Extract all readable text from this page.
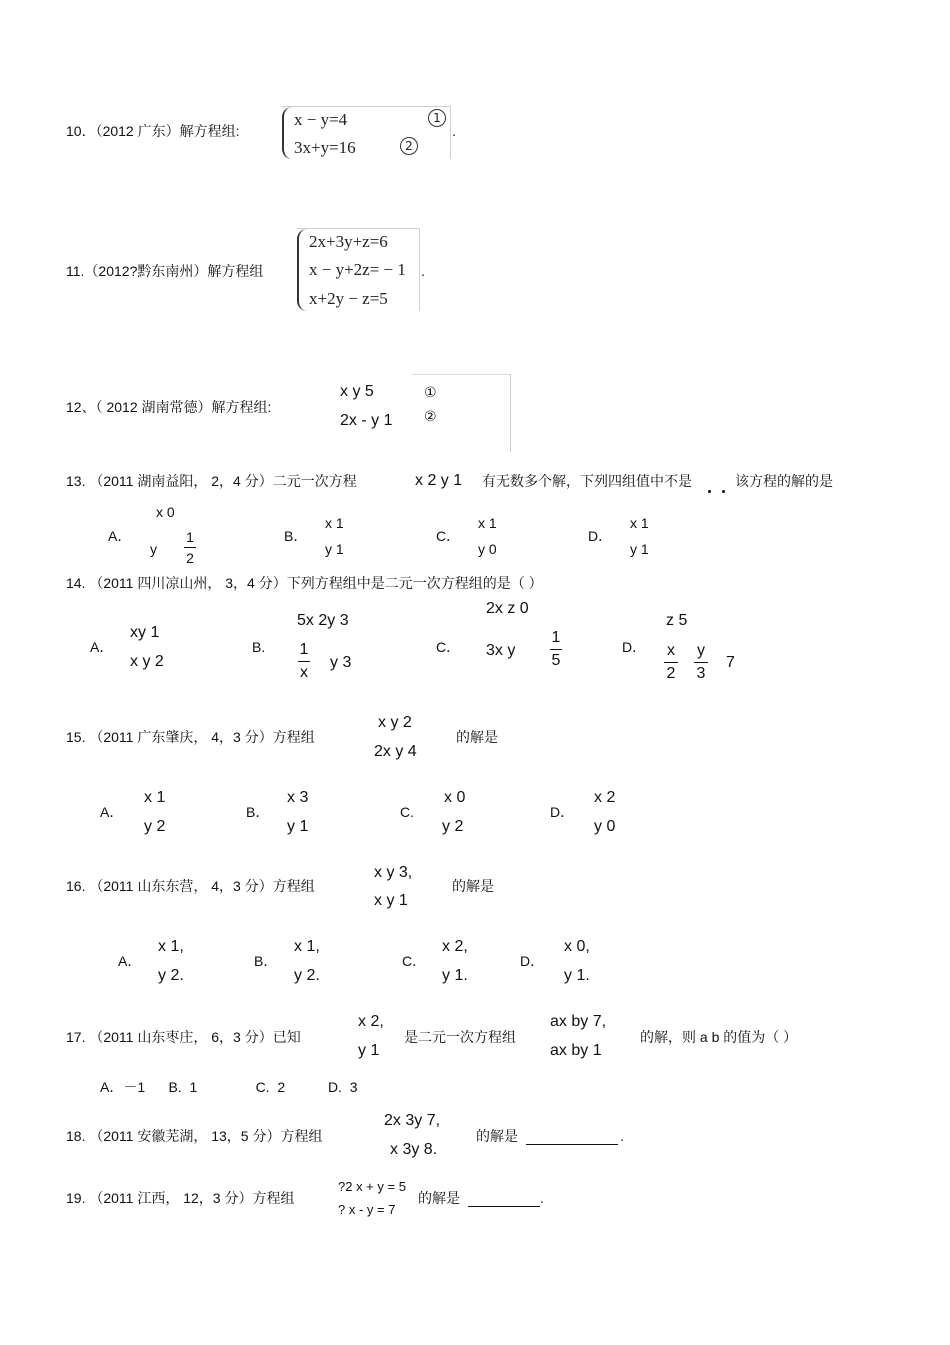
10．（2012 广东）解方程组:
x − y=4
3x+y=16
1
2
.
11.（2012?黔东南州）解方程组
2x+3y+z=6
x − y+2z= − 1
x+2y − z=5
.
12、（ 2012 湖南常德）解方程组:
x y 5
2x - y 1
①
②
13. （2011 湖南益阳， 2，4 分）二元一次方程	x 2 y 1 有无数多个解，下列四组值中不是	该方程的解的是
A．
x 0
y
1
2
B．
x 1
y 1
C．
x 1
y 0
D．
x 1
y 1
14. （2011 四川凉山州， 3，4 分）下列方程组中是二元一次方程组的是（ ）
A．
xy 1
x y 2
B.
5x 2y 3
1
x
y 3
C．
2x z 0
3x y
1
5
D．
z 5
x
2
y
3
7
15. （2011 广东肇庆， 4，3 分）方程组
x y 2
2x y 4
的解是
A．
x 1
y 2
B．
x 3
y 1
C.
x 0
y 2
D．
x 2
y 0
16. （2011 山东东营， 4，3 分）方程组
x y 3,
x y 1
的解是
A．
x 1,
y 2.
B．
x 1,
y 2.
C．
x 2,
y 1.
D．
x 0,
y 1.
17. （2011 山东枣庄， 6，3 分）已知
x 2,
y 1
是二元一次方程组
ax by 7,
ax by 1
的解，则 a b 的值为（ ）
A．－1      B.  1               C.  2           D.  3
18. （2011 安徽芜湖， 13，5 分）方程组
2x 3y 7,
x 3y 8.
的解是	.
19. （2011 江西， 12，3 分）方程组
?2 x + y = 5
? x - y = 7
的解是	.
